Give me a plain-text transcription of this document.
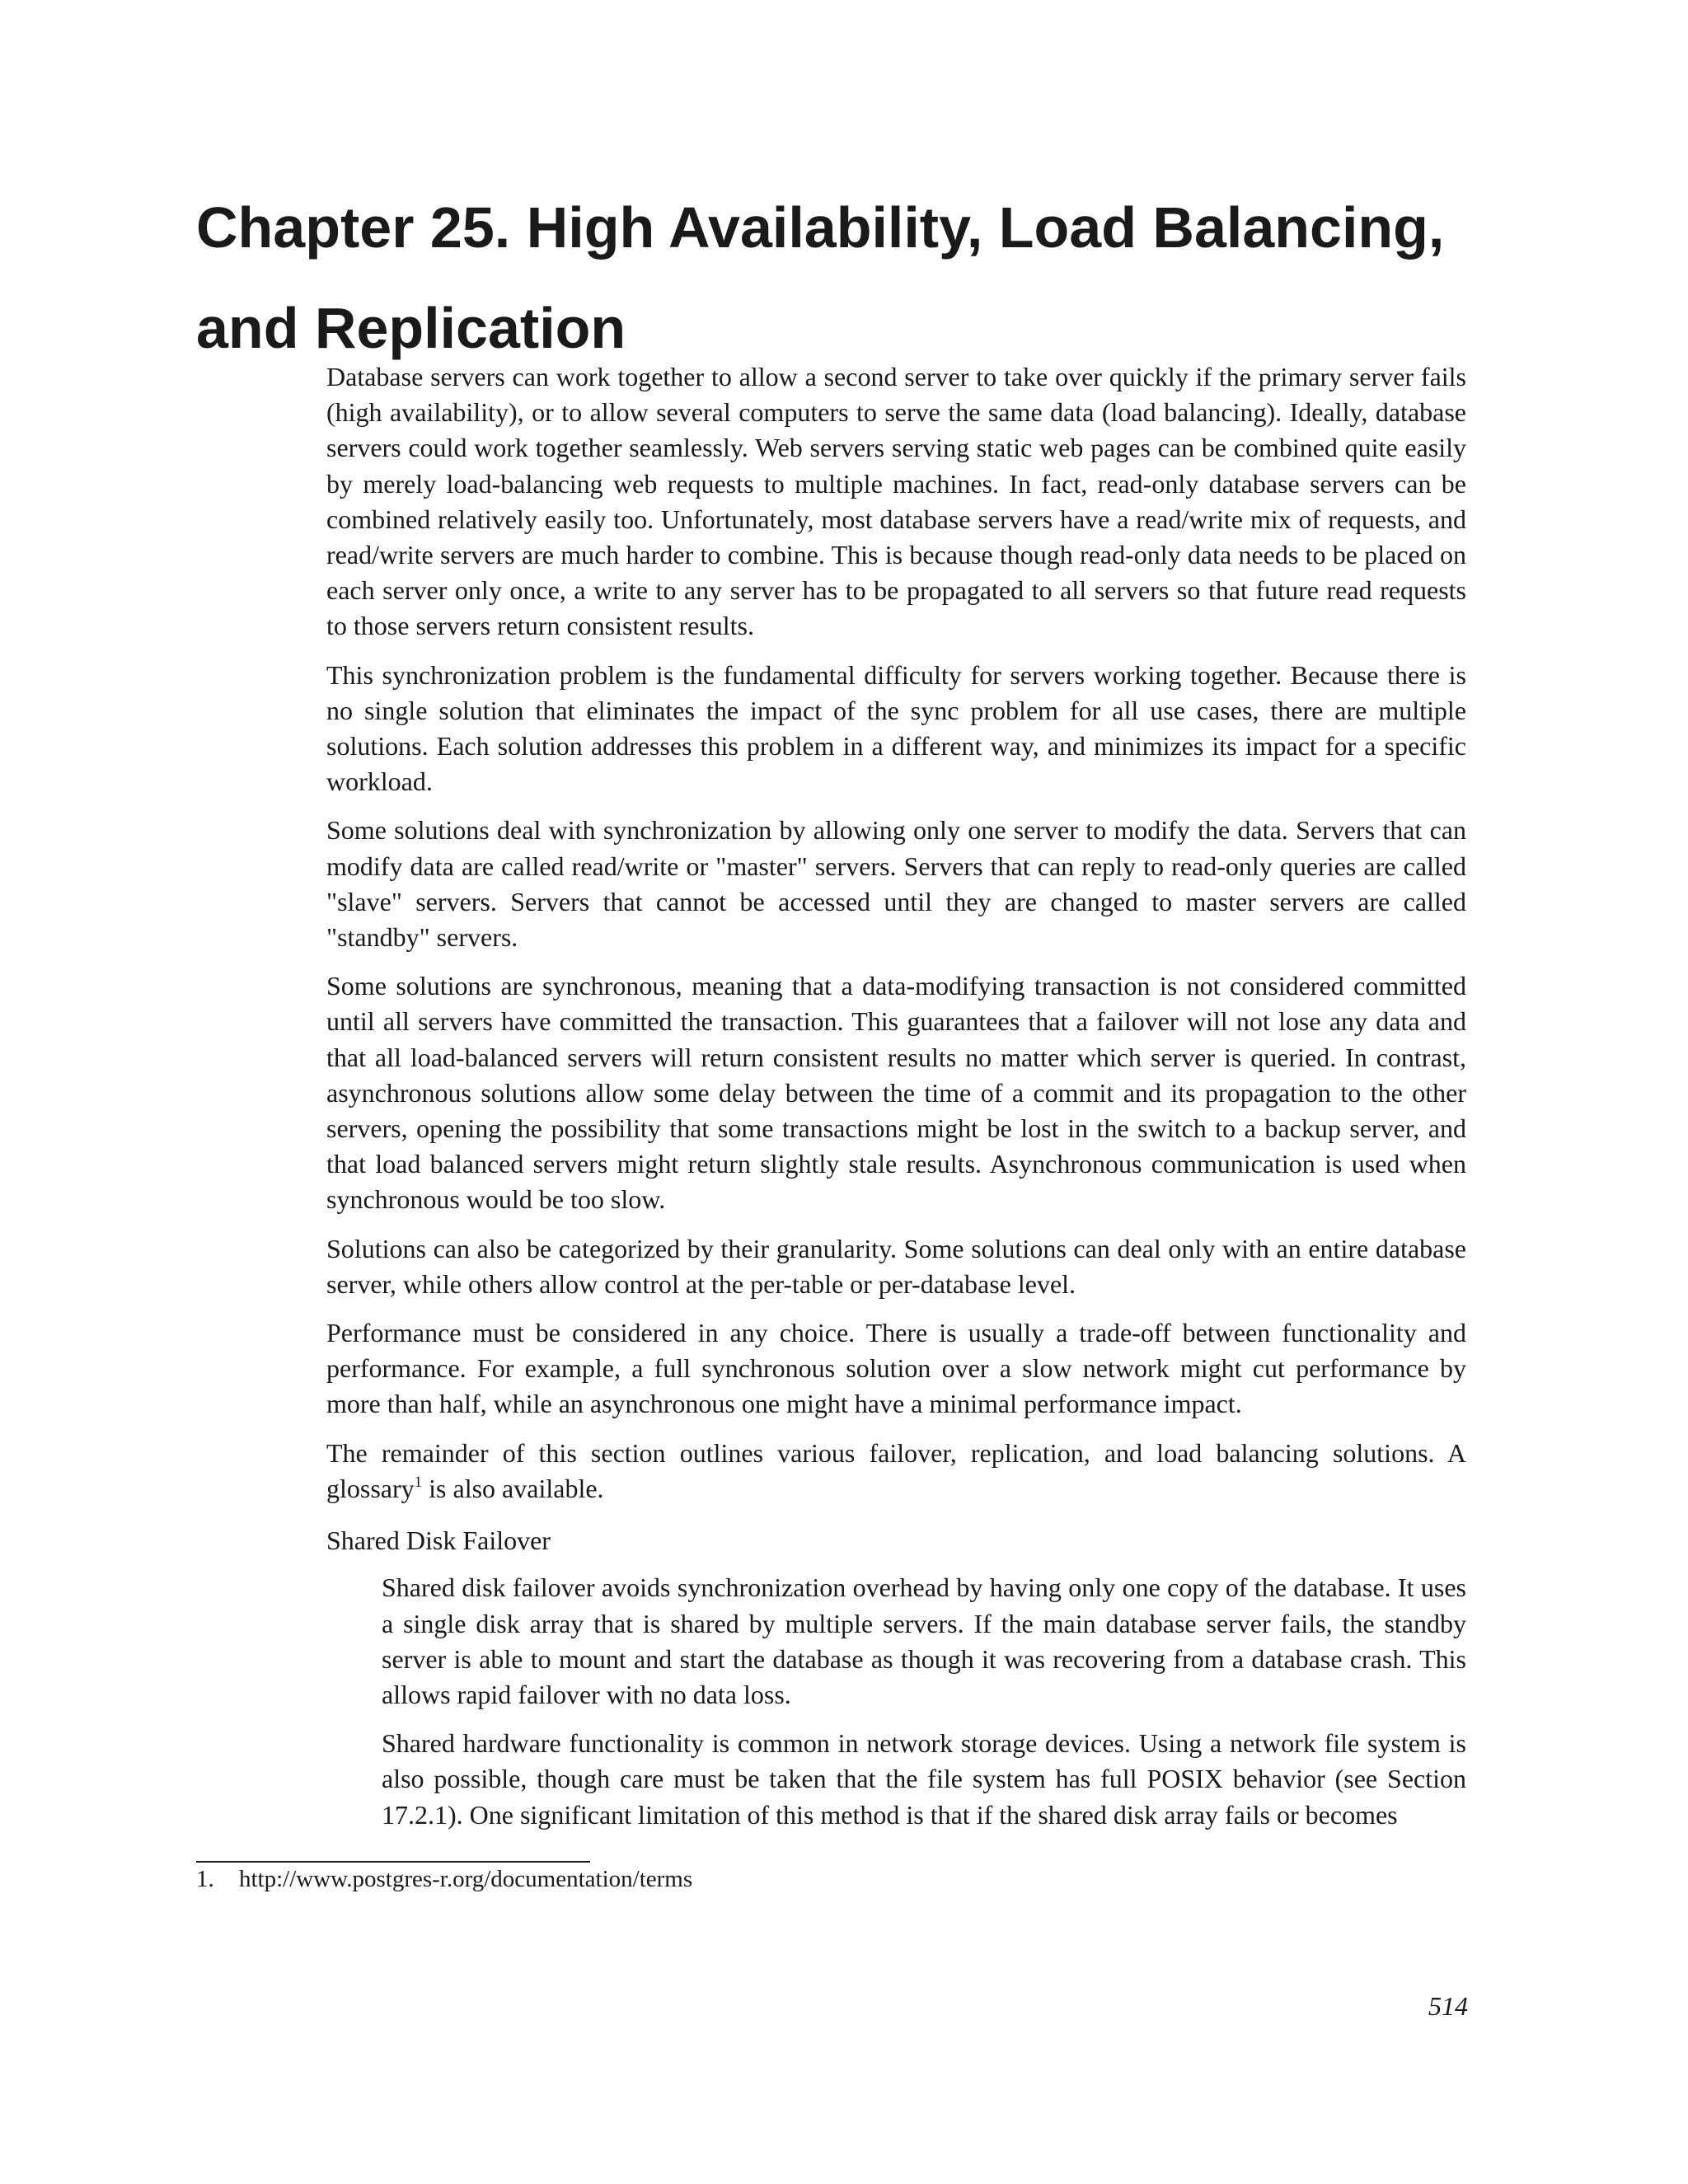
Chapter 25. High Availability, Load Balancing,
and Replication

Database servers can work together to allow a second server to take over quickly if the primary server fails (high availability), or to allow several computers to serve the same data (load balancing). Ideally, database servers could work together seamlessly. Web servers serving static web pages can be combined quite easily by merely load-balancing web requests to multiple machines. In fact, read-only database servers can be combined relatively easily too. Unfortunately, most database servers have a read/write mix of requests, and read/write servers are much harder to combine. This is because though read-only data needs to be placed on each server only once, a write to any server has to be propagated to all servers so that future read requests to those servers return consistent results.

This synchronization problem is the fundamental difficulty for servers working together. Because there is no single solution that eliminates the impact of the sync problem for all use cases, there are multiple solutions. Each solution addresses this problem in a different way, and minimizes its impact for a specific workload.

Some solutions deal with synchronization by allowing only one server to modify the data. Servers that can modify data are called read/write or "master" servers. Servers that can reply to read-only queries are called "slave" servers. Servers that cannot be accessed until they are changed to master servers are called "standby" servers.

Some solutions are synchronous, meaning that a data-modifying transaction is not considered committed until all servers have committed the transaction. This guarantees that a failover will not lose any data and that all load-balanced servers will return consistent results no matter which server is queried. In contrast, asynchronous solutions allow some delay between the time of a commit and its propagation to the other servers, opening the possibility that some transactions might be lost in the switch to a backup server, and that load balanced servers might return slightly stale results. Asynchronous communication is used when synchronous would be too slow.

Solutions can also be categorized by their granularity. Some solutions can deal only with an entire database server, while others allow control at the per-table or per-database level.

Performance must be considered in any choice. There is usually a trade-off between functionality and performance. For example, a full synchronous solution over a slow network might cut performance by more than half, while an asynchronous one might have a minimal performance impact.

The remainder of this section outlines various failover, replication, and load balancing solutions. A glossary$^1$ is also available.

Shared Disk Failover

Shared disk failover avoids synchronization overhead by having only one copy of the database. It uses a single disk array that is shared by multiple servers. If the main database server fails, the standby server is able to mount and start the database as though it was recovering from a database crash. This allows rapid failover with no data loss.

Shared hardware functionality is common in network storage devices. Using a network file system is also possible, though care must be taken that the file system has full POSIX behavior (see Section 17.2.1). One significant limitation of this method is that if the shared disk array fails or becomes

1. http://www.postgres-r.org/documentation/terms
514
